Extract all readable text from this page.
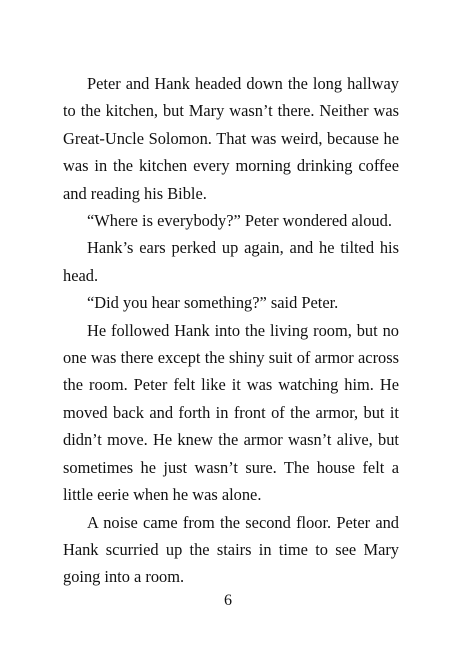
Peter and Hank headed down the long hallway to the kitchen, but Mary wasn’t there. Neither was Great-Uncle Solomon. That was weird, because he was in the kitchen every morning drinking coffee and reading his Bible.

“Where is everybody?” Peter wondered aloud.

Hank’s ears perked up again, and he tilted his head.

“Did you hear something?” said Peter.

He followed Hank into the living room, but no one was there except the shiny suit of armor across the room. Peter felt like it was watching him. He moved back and forth in front of the armor, but it didn’t move. He knew the armor wasn’t alive, but sometimes he just wasn’t sure. The house felt a little eerie when he was alone.

A noise came from the second floor. Peter and Hank scurried up the stairs in time to see Mary going into a room.

6
